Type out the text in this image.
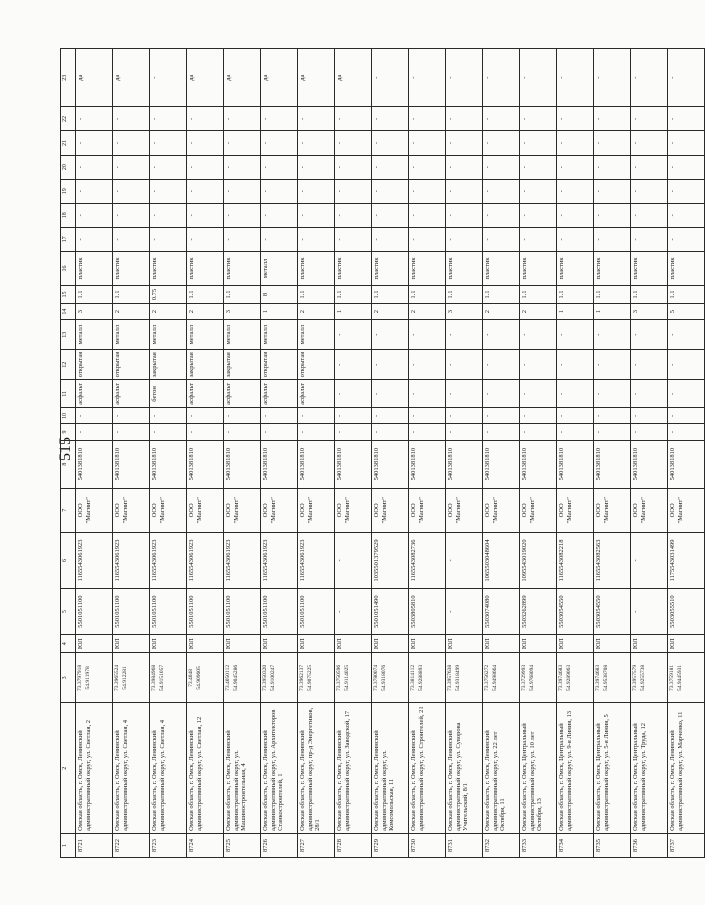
515
1	2	3	4	5	6	7	8	9	10	11	12	13	14	15	16	17	18	19	20	21	22	23
8721	Омская область, г. Омск, Ленинский административный округ, ул. Светлая, 2	73.3797918 54.911978	ЮЛ	5501051100	1165543061923	ООО "Магнит"	5401381810	-	-	асфальт	открытая	металл	3	1.1	пластик	-	-	-	-	-	-	да
8722	Омская область, г. Омск, Ленинский административный округ, ул. Светлая, 4	73.3965524 54.912281	ЮЛ	5501051100	1165543061923	ООО "Магнит"	5401381810	-	-	асфальт	открытая	металл	2	1.1	пластик	-	-	-	-	-	-	да
8723	Омская область, г. Омск, Ленинский административный округ, ул. Светлая, 4	73.3984968 54.9151057	ЮЛ	5501051100	1165543061923	ООО "Магнит"	5401381810	-	-	бетон	закрытая	металл	2	0.75	пластик	-	-	-	-	-	-	-
8724	Омская область, г. Омск, Ленинский административный округ, ул. Светлая, 12	73.4048 54.909605	ЮЛ	5501051100	1165543061923	ООО "Магнит"	5401381810	-	-	асфальт	закрытая	металл	2	1.1	пластик	-	-	-	-	-	-	да
8725	Омская область, г. Омск, Ленинский административный округ, ул. Машиностроительная, 4	73.4050112 54.9045286	ЮЛ	5501051100	1165543061923	ООО "Магнит"	5401381810	-	-	асфальт	закрытая	металл	3	1.1	пластик	-	-	-	-	-	-	да
8726	Омская область, г. Омск, Ленинский административный округ, ул. Архитекторов Станкостроителей, 1	73.3950320 54.9100247	ЮЛ	5501051100	1165543061923	ООО "Магнит"	5401381810	-	-	асфальт	открытая	металл	1	8	металл	-	-	-	-	-	-	да
8727	Омская область, г. Омск, Ленинский административный округ, пр-д Энергетиков, 28/1	73.3962137 54.9075225	ЮЛ	5501051100	1165543061923	ООО "Магнит"	5401381810	-	-	асфальт	открытая	металл	2	1.1	пластик	-	-	-	-	-	-	да
8728	Омская область, г. Омск, Ленинский административный округ, ул. Заводской, 17	73.3750596 54.9114025	ЮЛ	-	-	ООО "Магнит"	5401381810	-	-	-	-	-	1	1.1	пластик	-	-	-	-	-	-	да
8729	Омская область, г. Омск, Ленинский административный округ, ул. Комсомольская, 11	73.3780074 54.9318076	ЮЛ	5501051490	1035501379529	ООО "Магнит"	5401381810	-	-	-	-	-	2	1.1	пластик	-	-	-	-	-	-	-
8730	Омская область, г. Омск, Ленинский административный округ, ул. Строителей, 21	73.3814112 54.9288893	ЮЛ	5503805810	1165543082736	ООО "Магнит"	5401381810	-	-	-	-	-	2	1.1	пластик	-	-	-	-	-	-	-
8731	Омская область, г. Омск, Ленинский административный округ, ул. Суворова Учительский, 8/1	73.3957638 54.9318499	ЮЛ	-	-	ООО "Магнит"	5401381810	-	-	-	-	-	3	1.1	пластик	-	-	-	-	-	-	-
8732	Омская область, г. Омск, Ленинский административный округ, ул. 22 лет Октября, 11	73.3756272 54.9498664	ЮЛ	5503074080	1065503048604	ООО "Магнит"	5401381810	-	-	-	-	-	2	1.1	пластик	-	-	-	-	-	-	-
8733	Омская область, г. Омск, Центральный административный округ, ул. 10 лет Октября, 13	73.3729993 54.9768094	ЮЛ	5503262899	1095543019020	ООО "Магнит"	5401381810	-	-	-	-	-	2	1.1	пластик	-	-	-	-	-	-	-
8734	Омская область, г. Омск, Центральный административный округ, ул. 9-я Линия, 13	73.3974683 54.9289063	ЮЛ	5503054550	1165543082218	ООО "Магнит"	5401381810	-	-	-	-	-	1	1.1	пластик	-	-	-	-	-	-	-
8735	Омская область, г. Омск, Центральный административный округ, ул. 5-я Линия, 5	73.3974683 54.9538708	ЮЛ	5503054550	1165543082563	ООО "Магнит"	5401381810	-	-	-	-	-	1	1.1	пластик	-	-	-	-	-	-	-
8736	Омская область, г. Омск, Центральный административный округ, ул. Труда, 12	73.3957579 54.9255738	ЮЛ	-	-	ООО "Магнит"	5401381810	-	-	-	-	-	3	1.1	пластик	-	-	-	-	-	-	-
8737	Омская область, г. Омск, Ленинский административный округ, ул. Марченко, 11	73.3759181 54.9445931	ЮЛ	5503055510	1175543031499	ООО "Магнит"	5401381810	-	-	-	-	-	5	1.1	пластик	-	-	-	-	-	-	-
